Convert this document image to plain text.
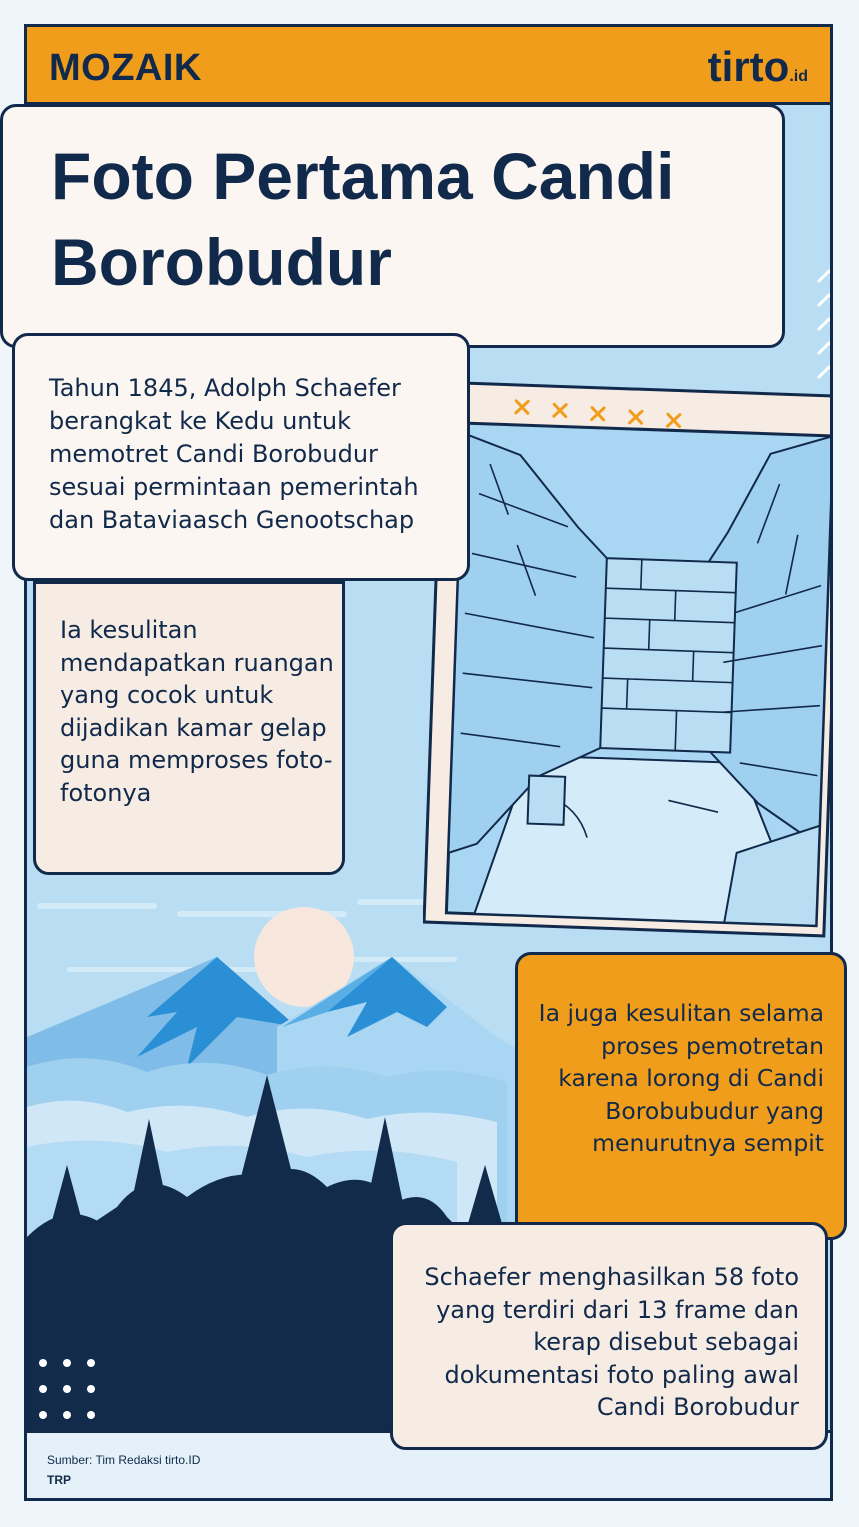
MOZAIK	tirto.id
Sumber: Tim Redaksi tirto.ID
TRP
Foto Pertama Candi Borobudur

Tahun 1845, Adolph Schaefer berangkat ke Kedu untuk memotret Candi Borobudur sesuai permintaan pemerintah dan Bataviaasch Genootschap

Ia kesulitan mendapatkan ruangan yang cocok untuk dijadikan kamar gelap guna memproses foto-fotonya

Ia juga kesulitan selama proses pemotretan karena lorong di Candi Borobubudur yang menurutnya sempit

Schaefer menghasilkan 58 foto yang terdiri dari 13 frame dan kerap disebut sebagai dokumentasi foto paling awal Candi Borobudur
